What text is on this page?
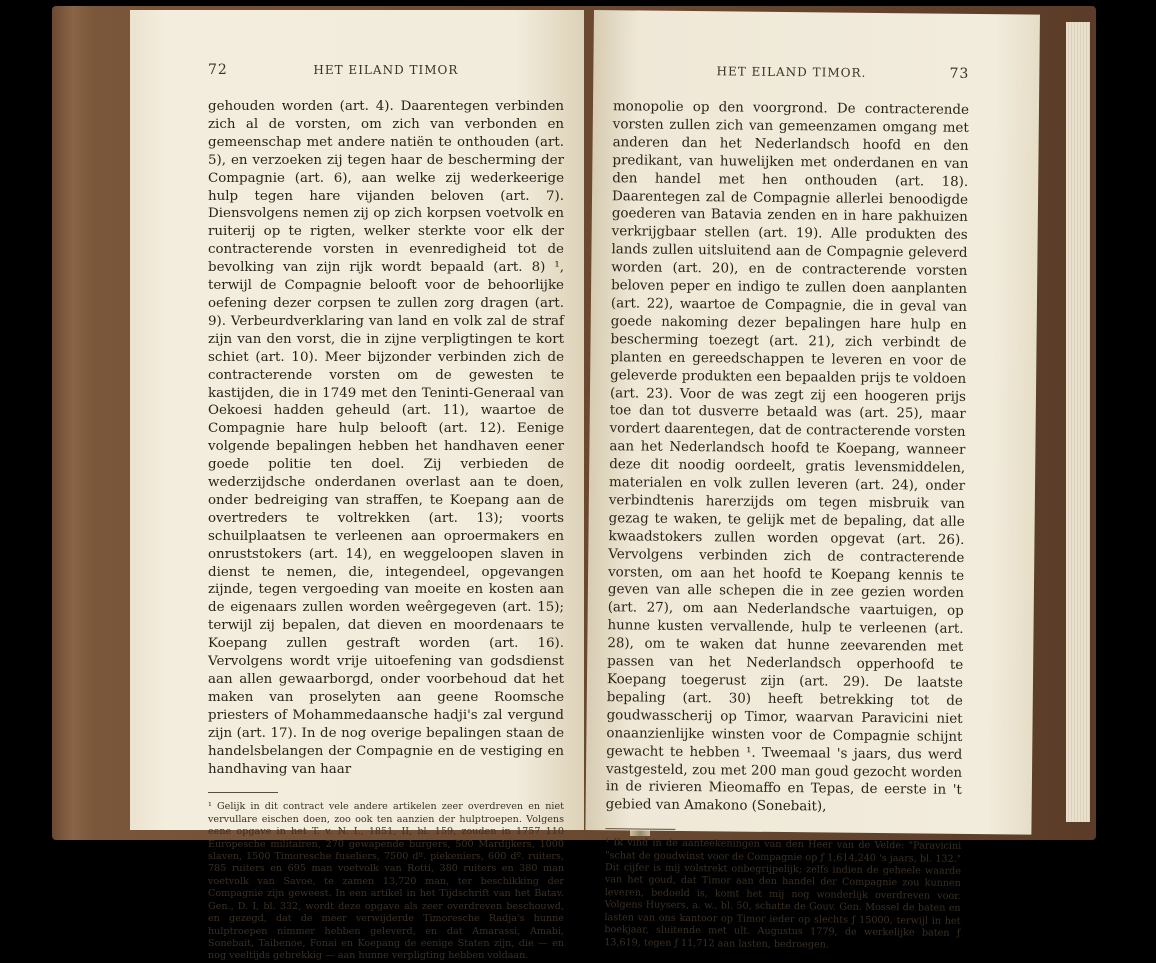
72	HET EILAND TIMOR
gehouden worden (art. 4). Daarentegen verbinden zich al de vorsten, om zich van verbonden en gemeenschap met andere natiën te onthouden (art. 5), en verzoeken zij tegen haar de bescherming der Compagnie (art. 6), aan welke zij wederkeerige hulp tegen hare vijanden beloven (art. 7). Diensvolgens nemen zij op zich korpsen voetvolk en ruiterij op te rigten, welker sterkte voor elk der contracterende vorsten in evenredigheid tot de bevolking van zijn rijk wordt bepaald (art. 8) ¹, terwijl de Compagnie belooft voor de behoorlijke oefening dezer corpsen te zullen zorg dragen (art. 9). Verbeurdverklaring van land en volk zal de straf zijn van den vorst, die in zijne verpligtingen te kort schiet (art. 10). Meer bijzonder verbinden zich de contracterende vorsten om de gewesten te kastijden, die in 1749 met den Teninti-Generaal van Oekoesi hadden geheuld (art. 11), waartoe de Compagnie hare hulp belooft (art. 12). Eenige volgende bepalingen hebben het handhaven eener goede politie ten doel. Zij verbieden de wederzijdsche onderdanen overlast aan te doen, onder bedreiging van straffen, te Koepang aan de overtreders te voltrekken (art. 13); voorts schuilplaatsen te verleenen aan oproermakers en onruststokers (art. 14), en weggeloopen slaven in dienst te nemen, die, integendeel, opgevangen zijnde, tegen vergoeding van moeite en kosten aan de eigenaars zullen worden weêrgegeven (art. 15); terwijl zij bepalen, dat dieven en moordenaars te Koepang zullen gestraft worden (art. 16). Vervolgens wordt vrije uitoefening van godsdienst aan allen gewaarborgd, onder voorbehoud dat het maken van proselyten aan geene Roomsche priesters of Mohammedaansche hadji's zal vergund zijn (art. 17). In de nog overige bepalingen staan de handelsbelangen der Compagnie en de vestiging en handhaving van haar
¹ Gelijk in dit contract vele andere artikelen zeer overdreven en niet vervullare eischen doen, zoo ook ten aanzien der hulptroepen. Volgens eene opgave in het T. v. N. I., 1851, II, bl. 159, zouden in 1757 110 Europesche militairen, 270 gewapende burgers, 500 Mardijkers, 1000 slaven, 1500 Timoresche fuseliers, 7500 dº. piekeniers, 600 dº. ruiters, 785 ruiters en 695 man voetvolk van Rotti, 380 ruiters en 380 man voetvolk van Savoe, te zamen 13,720 man, ter beschikking der Compagnie zijn geweest. In een artikel in het Tijdschrift van het Batav. Gen., D. I, bl. 332, wordt deze opgave als zeer overdreven beschouwd, en gezegd, dat de meer verwijderde Timoresche Radja's hunne hulptroepen nimmer hebben geleverd, en dat Amarassi, Amabi, Sonebait, Taibenoe, Fonai en Koepang de eenige Staten zijn, die — en nog veeltijds gebrekkig — aan hunne verpligting hebben voldaan.
HET EILAND TIMOR.	73
monopolie op den voorgrond. De contracterende vorsten zullen zich van gemeenzamen omgang met anderen dan het Nederlandsch hoofd en den predikant, van huwelijken met onderdanen en van den handel met hen onthouden (art. 18). Daarentegen zal de Compagnie allerlei benoodigde goederen van Batavia zenden en in hare pakhuizen verkrijgbaar stellen (art. 19). Alle produkten des lands zullen uitsluitend aan de Compagnie geleverd worden (art. 20), en de contracterende vorsten beloven peper en indigo te zullen doen aanplanten (art. 22), waartoe de Compagnie, die in geval van goede nakoming dezer bepalingen hare hulp en bescherming toezegt (art. 21), zich verbindt de planten en gereedschappen te leveren en voor de geleverde produkten een bepaalden prijs te voldoen (art. 23). Voor de was zegt zij een hoogeren prijs toe dan tot dusverre betaald was (art. 25), maar vordert daarentegen, dat de contracterende vorsten aan het Nederlandsch hoofd te Koepang, wanneer deze dit noodig oordeelt, gratis levensmiddelen, materialen en volk zullen leveren (art. 24), onder verbindtenis harerzijds om tegen misbruik van gezag te waken, te gelijk met de bepaling, dat alle kwaadstokers zullen worden opgevat (art. 26). Vervolgens verbinden zich de contracterende vorsten, om aan het hoofd te Koepang kennis te geven van alle schepen die in zee gezien worden (art. 27), om aan Nederlandsche vaartuigen, op hunne kusten vervallende, hulp te verleenen (art. 28), om te waken dat hunne zeevarenden met passen van het Nederlandsch opperhoofd te Koepang toegerust zijn (art. 29). De laatste bepaling (art. 30) heeft betrekking tot de goudwasscherij op Timor, waarvan Paravicini niet onaanzienlijke winsten voor de Compagnie schijnt gewacht te hebben ¹. Tweemaal 's jaars, dus werd vastgesteld, zou met 200 man goud gezocht worden in de rivieren Mieomaffo en Tepas, de eerste in 't gebied van Amakono (Sonebait),
¹ Ik vind in de aanteekeningen van den Heer van de Velde: "Paravicini "schat de goudwinst voor de Compagnie op ƒ 1,614,240 's jaars, bl. 132." Dit cijfer is mij volstrekt onbegrijpelijk; zelfs indien de geheele waarde van het goud, dat Timor aan den handel der Compagnie zou kunnen leveren, bedoeld is, komt het mij nog wonderlijk overdreven voor. Volgens Huysers, a. w., bl. 50, schatte de Gouv. Gen. Mossel de baten en lasten van ons kantoor op Timor ieder op slechts ƒ 15000, terwijl in het boekjaar, sluitende met ult. Augustus 1779, de werkelijke baten ƒ 13,619, tegen ƒ 11,712 aan lasten, bedroegen.
